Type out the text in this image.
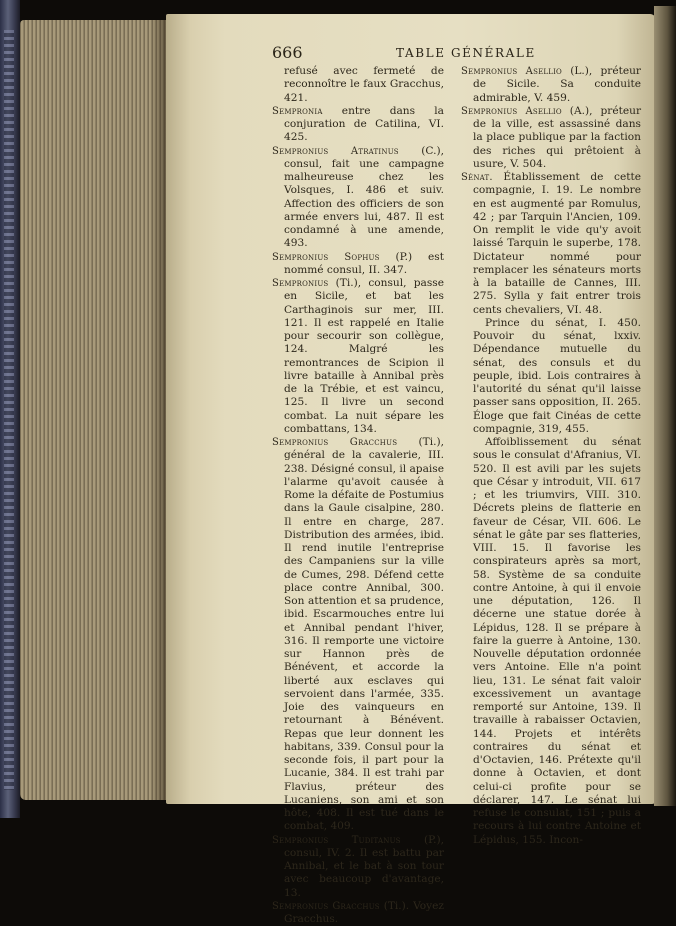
666	TABLE GÉNÉRALE

refusé avec fermeté de reconnoître le faux Gracchus, 421.

Sempronia entre dans la conjuration de Catilina, VI. 425.

Sempronius Atratinus (C.), consul, fait une campagne malheureuse chez les Volsques, I. 486 et suiv. Affection des officiers de son armée envers lui, 487. Il est condamné à une amende, 493.

Sempronius Sophus (P.) est nommé consul, II. 347.

Sempronius (Ti.), consul, passe en Sicile, et bat les Carthaginois sur mer, III. 121. Il est rappelé en Italie pour secourir son collègue, 124. Malgré les remontrances de Scipion il livre bataille à Annibal près de la Trébie, et est vaincu, 125. Il livre un second combat. La nuit sépare les combattans, 134.

Sempronius Gracchus (Ti.), général de la cavalerie, III. 238. Désigné consul, il apaise l'alarme qu'avoit causée à Rome la défaite de Postumius dans la Gaule cisalpine, 280. Il entre en charge, 287. Distribution des armées, ibid. Il rend inutile l'entreprise des Campaniens sur la ville de Cumes, 298. Défend cette place contre Annibal, 300. Son attention et sa prudence, ibid. Escarmouches entre lui et Annibal pendant l'hiver, 316. Il remporte une victoire sur Hannon près de Bénévent, et accorde la liberté aux esclaves qui servoient dans l'armée, 335. Joie des vainqueurs en retournant à Bénévent. Repas que leur donnent les habitans, 339. Consul pour la seconde fois, il part pour la Lucanie, 384. Il est trahi par Flavius, préteur des Lucaniens, son ami et son hôte, 408. Il est tué dans le combat, 409.

Sempronius Tuditanus (P.), consul, IV. 2. Il est battu par Annibal, et le bat à son tour avec beaucoup d'avantage, 13.

Sempronius Gracchus (Ti.). Voyez Gracchus.

Sempronius Asellio (L.), préteur de Sicile. Sa conduite admirable, V. 459.

Sempronius Asellio (A.), préteur de la ville, est assassiné dans la place publique par la faction des riches qui prêtoient à usure, V. 504.

Sénat. Établissement de cette compagnie, I. 19. Le nombre en est augmenté par Romulus, 42 ; par Tarquin l'Ancien, 109. On remplit le vide qu'y avoit laissé Tarquin le superbe, 178. Dictateur nommé pour remplacer les sénateurs morts à la bataille de Cannes, III. 275. Sylla y fait entrer trois cents chevaliers, VI. 48.

Prince du sénat, I. 450. Pouvoir du sénat, lxxiv. Dépendance mutuelle du sénat, des consuls et du peuple, ibid. Lois contraires à l'autorité du sénat qu'il laisse passer sans opposition, II. 265. Éloge que fait Cinéas de cette compagnie, 319, 455.

Affoiblissement du sénat sous le consulat d'Afranius, VI. 520. Il est avili par les sujets que César y introduit, VII. 617 ; et les triumvirs, VIII. 310. Décrets pleins de flatterie en faveur de César, VII. 606. Le sénat le gâte par ses flatteries, VIII. 15. Il favorise les conspirateurs après sa mort, 58. Système de sa conduite contre Antoine, à qui il envoie une députation, 126. Il décerne une statue dorée à Lépidus, 128. Il se prépare à faire la guerre à Antoine, 130. Nouvelle députation ordonnée vers Antoine. Elle n'a point lieu, 131. Le sénat fait valoir excessivement un avantage remporté sur Antoine, 139. Il travaille à rabaisser Octavien, 144. Projets et intérêts contraires du sénat et d'Octavien, 146. Prétexte qu'il donne à Octavien, et dont celui-ci profite pour se déclarer, 147. Le sénat lui refuse le consulat, 151 ; puis a recours à lui contre Antoine et Lépidus, 155. Incon-
